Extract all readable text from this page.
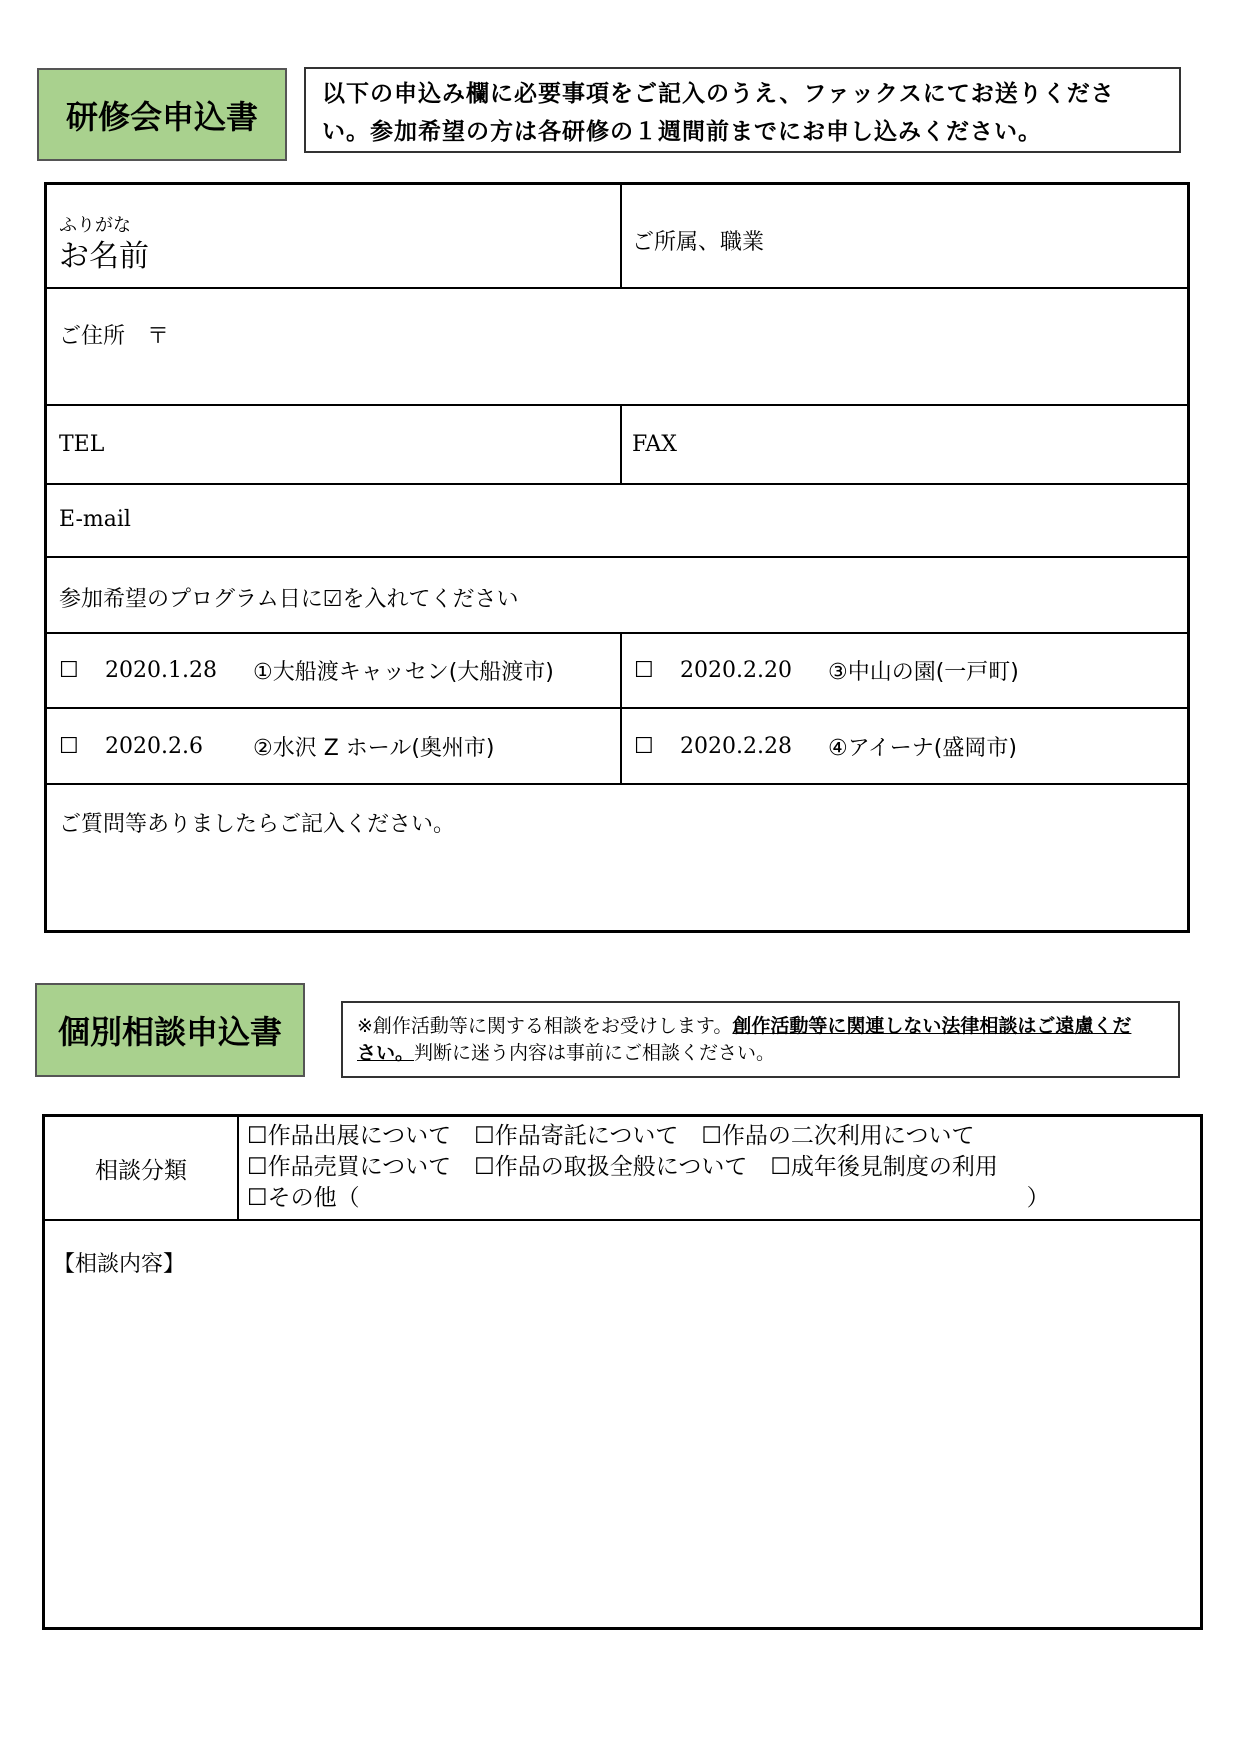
研修会申込書
以下の申込み欄に必要事項をご記入のうえ、ファックスにてお送りくださ
い。参加希望の方は各研修の１週間前までにお申し込みください。
ふりがな
お名前	ご所属、職業
ご住所　〒
TEL	FAX
E-mail
参加希望のプログラム日に☑を入れてください
☐	2020.1.28	①大船渡キャッセン(大船渡市)	☐	2020.2.20	③中山の園(一戸町)
☐	2020.2.6	②水沢 Z ホール(奥州市)	☐	2020.2.28	④アイーナ(盛岡市)
ご質問等ありましたらご記入ください。
個別相談申込書	※創作活動等に関する相談をお受けします。創作活動等に関連しない法律相談はご遠慮くだ
さい。判断に迷う内容は事前にご相談ください。
相談分類
☐作品出展について　☐作品寄託について　☐作品の二次利用について
☐作品売買について　☐作品の取扱全般について　☐成年後見制度の利用
☐その他（　　　　　　　　　　　　　　　　　　　　　　　　　　　　　）
【相談内容】
